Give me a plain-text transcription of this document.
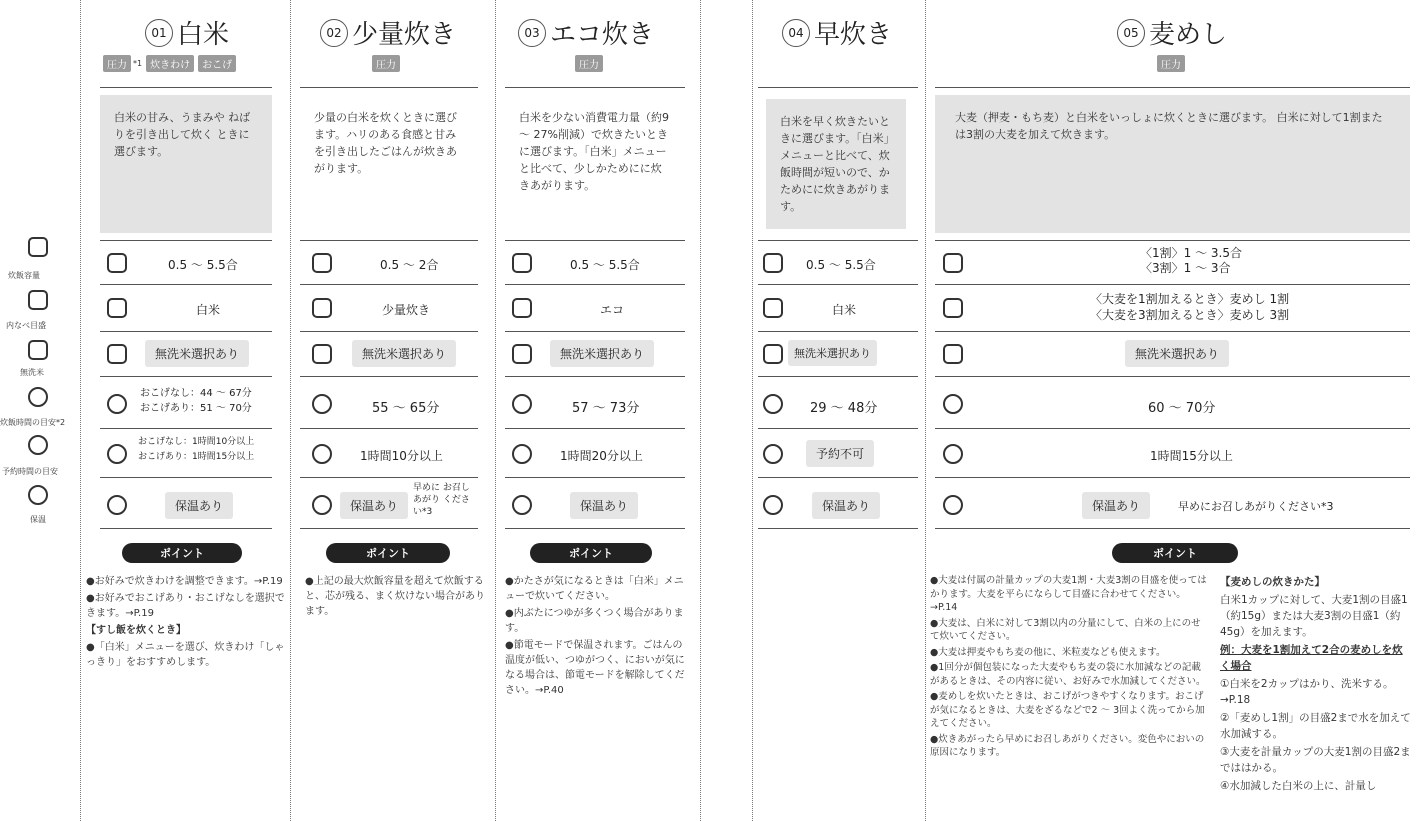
炊飯容量
内なべ目盛
無洗米
炊飯時間の目安*2
予約時間の目安
保温
01 白米
圧力 *1 炊きわけ	おこげ
白米の甘み、うまみや ねばりを引き出して炊く ときに選びます。
0.5 ～ 5.5合
白米
無洗米選択あり
おこげなし：44 ～ 67分
おこげあり：51 ～ 70分
おこげなし：1時間10分以上
おこげあり：1時間15分以上
保温あり
ポイント

●お好みで炊きわけを調整できます。→P.19

●お好みでおこげあり・おこげなしを選択できます。→P.19

【すし飯を炊くとき】

●「白米」メニューを選び、炊きわけ「しゃっきり」をおすすめします。

02 少量炊き
圧力
少量の白米を炊くときに選びます。ハリのある食感と甘みを引き出したごはんが炊きあがります。
0.5 ～ 2合
少量炊き
無洗米選択あり
55 ～ 65分
1時間10分以上
保温あり
早めに お召しあがり ください*3
ポイント

●上記の最大炊飯容量を超えて炊飯すると、芯が残る、まく炊けない場合があります。

03 エコ炊き
圧力
白米を少ない消費電力量（約9 ～ 27%削減）で炊きたいときに選びます。「白米」メニューと比べて、少しかためにに炊きあがります。
0.5 ～ 5.5合
エコ
無洗米選択あり
57 ～ 73分
1時間20分以上
保温あり
ポイント

●かたさが気になるときは「白米」メニューで炊いてください。

●内ぶたにつゆが多くつく場合があります。

●節電モードで保温されます。ごはんの温度が低い、つゆがつく、においが気になる場合は、節電モードを解除してください。→P.40

04 早炊き
白米を早く炊きたいときに選びます。「白米」メニューと比べて、炊飯時間が短いので、かためにに炊きあがります。
0.5 ～ 5.5合
白米
無洗米選択あり
29 ～ 48分
予約不可
保温あり
05 麦めし
圧力
大麦（押麦・もち麦）と白米をいっしょに炊くときに選びます。 白米に対して1割または3割の大麦を加えて炊きます。
〈1割〉1 ～ 3.5合
〈3割〉1 ～ 3合
〈大麦を1割加えるとき〉麦めし 1割
〈大麦を3割加えるとき〉麦めし 3割
無洗米選択あり
60 ～ 70分
1時間15分以上
保温あり	早めにお召しあがりください*3
ポイント

●大麦は付属の計量カップの大麦1割・大麦3割の目盛を使ってはかります。大麦を平らにならして目盛に合わせてください。→P.14

●大麦は、白米に対して3割以内の分量にして、白米の上にのせて炊いてください。

●大麦は押麦やもち麦の他に、米粒麦なども使えます。

●1回分が個包装になった大麦やもち麦の袋に水加減などの記載があるときは、その内容に従い、お好みで水加減してください。

●麦めしを炊いたときは、おこげがつきやすくなります。おこげが気になるときは、大麦をざるなどで2 ～ 3回よく洗ってから加えてください。

●炊きあがったら早めにお召しあがりください。変色やにおいの原因になります。

【麦めしの炊きかた】

白米1カップに対して、大麦1割の目盛1（約15g）または大麦3割の目盛1（約45g）を加えます。

例：大麦を1割加えて2合の麦めしを炊く場合

①白米を2カップはかり、洗米する。 →P.18

②「麦めし1割」の目盛2まで水を加えて水加減する。

③大麦を計量カップの大麦1割の目盛2までははかる。

④水加減した白米の上に、計量し
